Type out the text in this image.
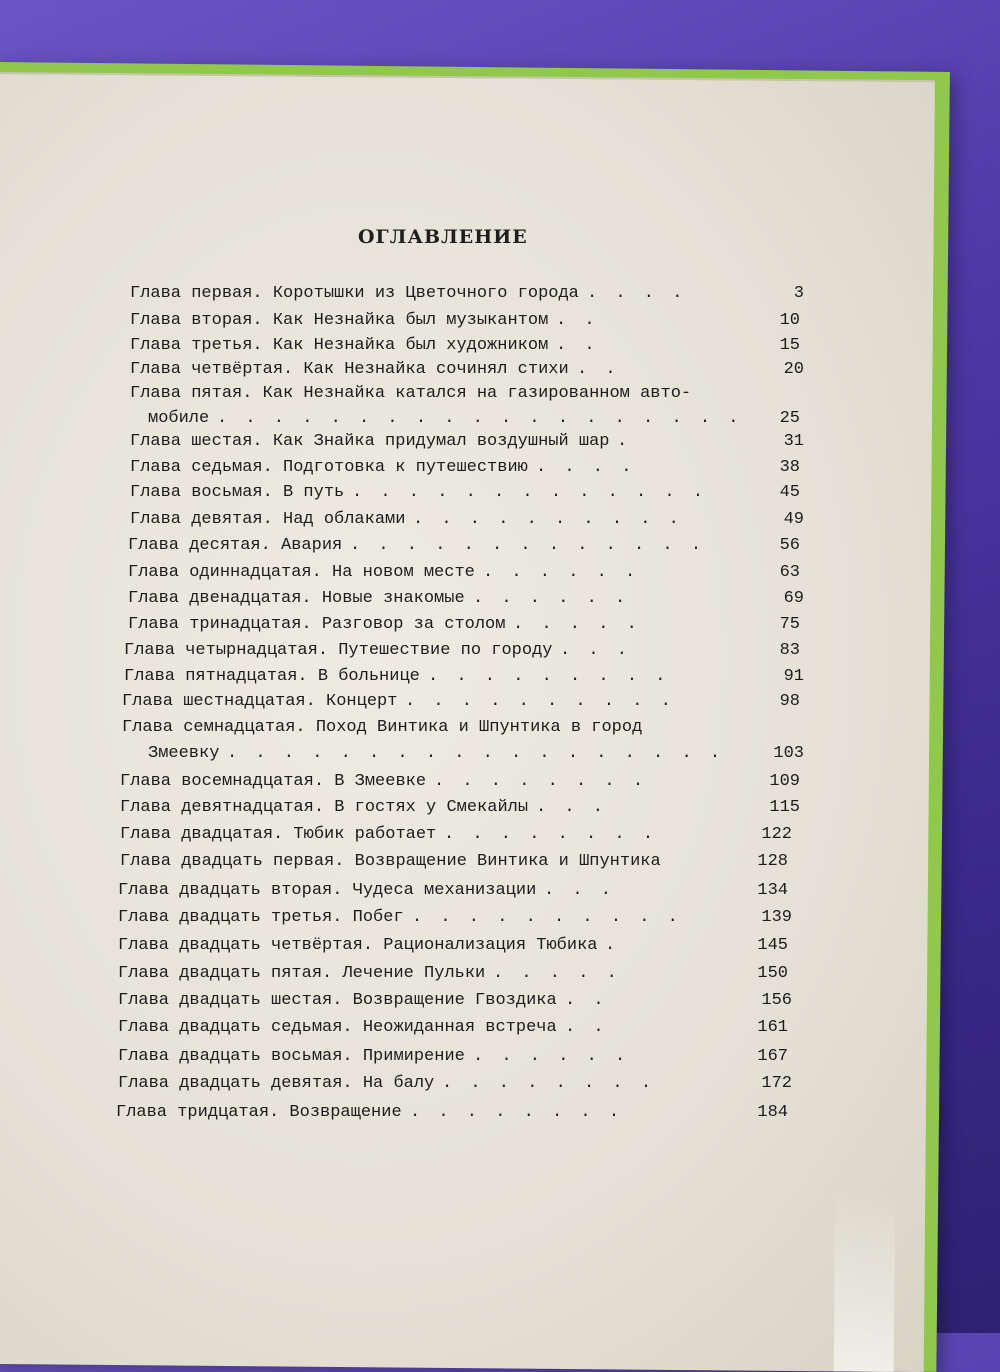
ОГЛАВЛЕНИЕ
Глава первая. Коротышки из Цветочного города . . . .	3
Глава вторая. Как Незнайка был музыкантом . .	10
Глава третья. Как Незнайка был художником . .	15
Глава четвёртая. Как Незнайка сочинял стихи . .	20
Глава пятая. Как Незнайка катался на газированном авто-
мобиле . . . . . . . . . . . . . . . . . . .	25
Глава шестая. Как Знайка придумал воздушный шар .	31
Глава седьмая. Подготовка к путешествию . . . .	38
Глава восьмая. В путь . . . . . . . . . . . . .	45
Глава девятая. Над облаками . . . . . . . . . .	49
Глава десятая. Авария . . . . . . . . . . . . .	56
Глава одиннадцатая. На новом месте . . . . . .	63
Глава двенадцатая. Новые знакомые . . . . . .	69
Глава тринадцатая. Разговор за столом . . . . .	75
Глава четырнадцатая. Путешествие по городу . . .	83
Глава пятнадцатая. В больнице . . . . . . . . .	91
Глава шестнадцатая. Концерт . . . . . . . . . .	98
Глава семнадцатая. Поход Винтика и Шпунтика в город
Змеевку . . . . . . . . . . . . . . . . . .	103
Глава восемнадцатая. В Змеевке . . . . . . . .	109
Глава девятнадцатая. В гостях у Смекайлы . . .	115
Глава двадцатая. Тюбик работает . . . . . . . .	122
Глава двадцать первая. Возвращение Винтика и Шпунтика	128
Глава двадцать вторая. Чудеса механизации . . .	134
Глава двадцать третья. Побег . . . . . . . . . .	139
Глава двадцать четвёртая. Рационализация Тюбика .	145
Глава двадцать пятая. Лечение Пульки . . . . .	150
Глава двадцать шестая. Возвращение Гвоздика . .	156
Глава двадцать седьмая. Неожиданная встреча . .	161
Глава двадцать восьмая. Примирение . . . . . .	167
Глава двадцать девятая. На балу . . . . . . . .	172
Глава тридцатая. Возвращение . . . . . . . .	184
